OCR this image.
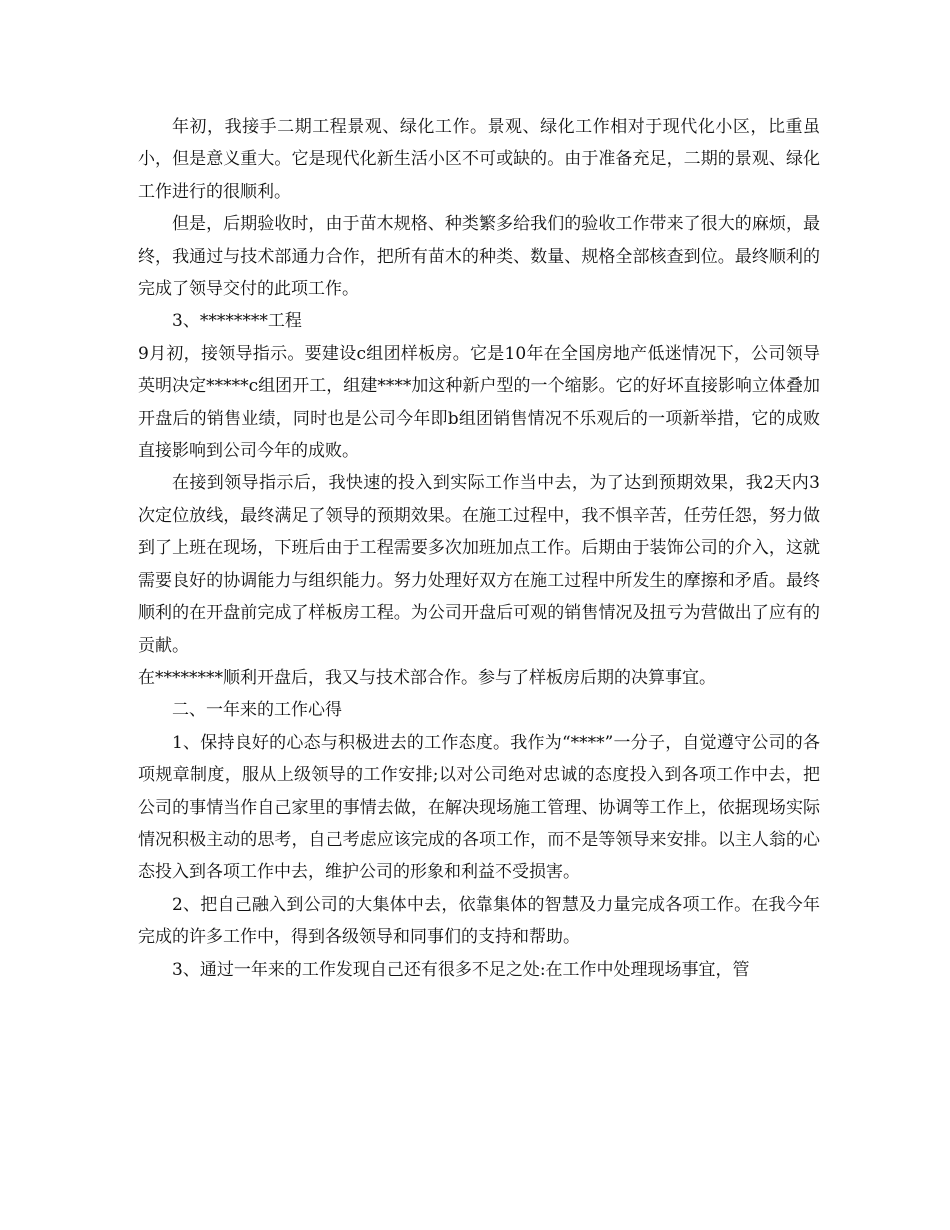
年初，我接手二期工程景观、绿化工作。景观、绿化工作相对于现代化小区，比重虽小，但是意义重大。它是现代化新生活小区不可或缺的。由于准备充足，二期的景观、绿化工作进行的很顺利。

但是，后期验收时，由于苗木规格、种类繁多给我们的验收工作带来了很大的麻烦，最终，我通过与技术部通力合作，把所有苗木的种类、数量、规格全部核查到位。最终顺利的完成了领导交付的此项工作。

3、********工程

9月初，接领导指示。要建设c组团样板房。它是10年在全国房地产低迷情况下，公司领导英明决定*****c组团开工，组建****加这种新户型的一个缩影。它的好坏直接影响立体叠加开盘后的销售业绩，同时也是公司今年即b组团销售情况不乐观后的一项新举措，它的成败直接影响到公司今年的成败。

在接到领导指示后，我快速的投入到实际工作当中去，为了达到预期效果，我2天内3次定位放线，最终满足了领导的预期效果。在施工过程中，我不惧辛苦，任劳任怨，努力做到了上班在现场，下班后由于工程需要多次加班加点工作。后期由于装饰公司的介入，这就需要良好的协调能力与组织能力。努力处理好双方在施工过程中所发生的摩擦和矛盾。最终顺利的在开盘前完成了样板房工程。为公司开盘后可观的销售情况及扭亏为营做出了应有的贡献。

在********顺利开盘后，我又与技术部合作。参与了样板房后期的决算事宜。

二、一年来的工作心得

1、保持良好的心态与积极进去的工作态度。我作为“****”一分子，自觉遵守公司的各项规章制度，服从上级领导的工作安排;以对公司绝对忠诚的态度投入到各项工作中去，把公司的事情当作自己家里的事情去做，在解决现场施工管理、协调等工作上，依据现场实际情况积极主动的思考，自己考虑应该完成的各项工作，而不是等领导来安排。以主人翁的心态投入到各项工作中去，维护公司的形象和利益不受损害。

2、把自己融入到公司的大集体中去，依靠集体的智慧及力量完成各项工作。在我今年完成的许多工作中，得到各级领导和同事们的支持和帮助。

3、通过一年来的工作发现自己还有很多不足之处:在工作中处理现场事宜，管
